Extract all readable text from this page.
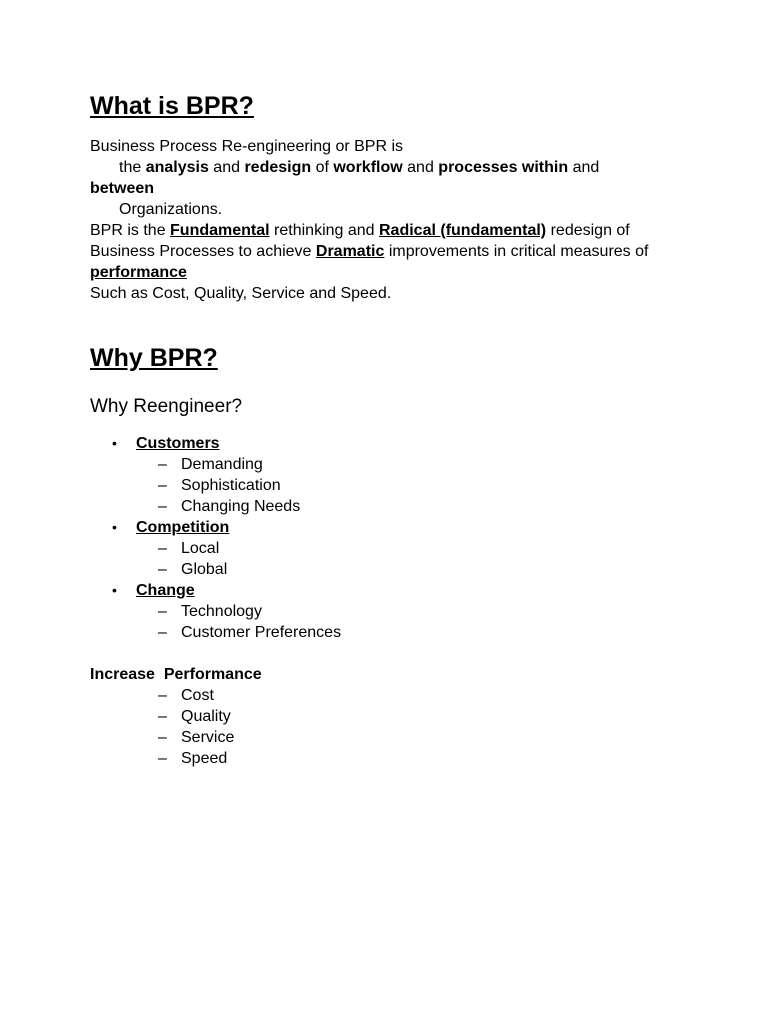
What is BPR?

Business Process Re-engineering or BPR is

the analysis and redesign of workflow and processes within and

between

Organizations.

BPR is the Fundamental rethinking and Radical (fundamental) redesign of Business Processes to achieve Dramatic improvements in critical measures of performance

Such as Cost, Quality, Service and Speed.

Why BPR?
Why Reengineer?
• Customers
– Demanding
– Sophistication
– Changing Needs
• Competition
– Local
– Global
• Change
– Technology
– Customer Preferences
Increase  Performance
– Cost
– Quality
– Service
– Speed
